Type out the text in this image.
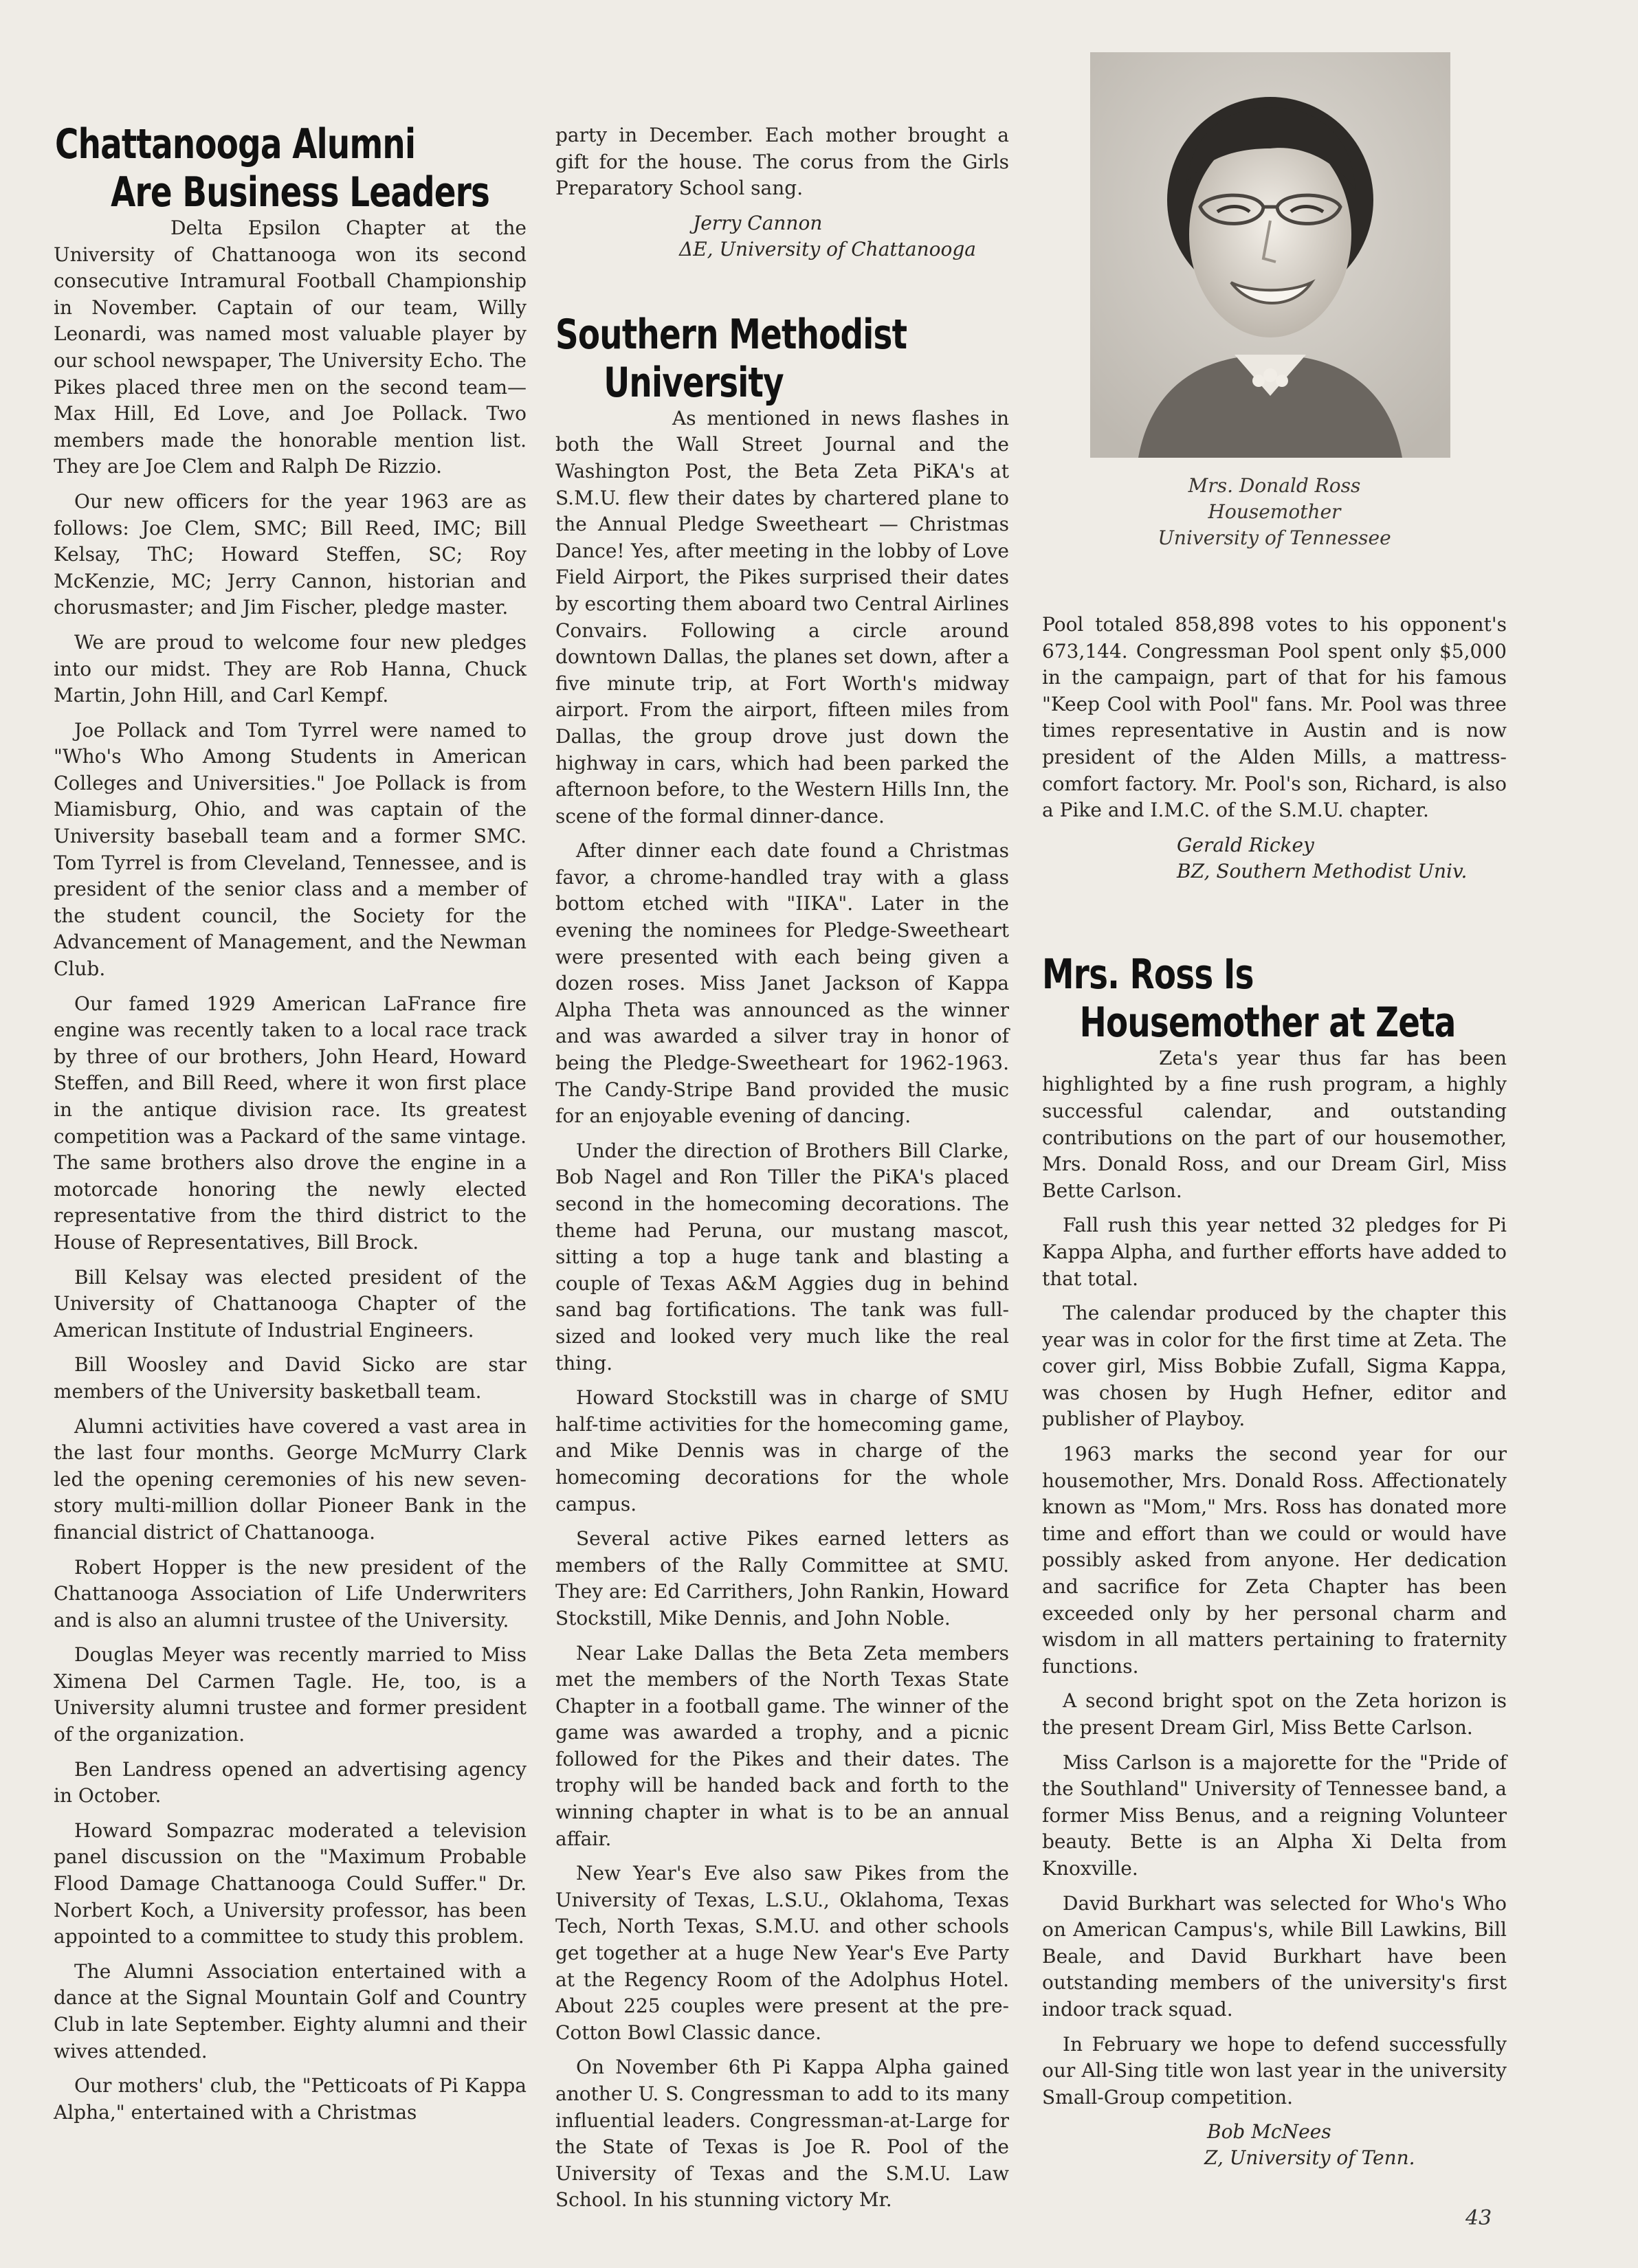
Chattanooga Alumni
Are Business Leaders

Delta Epsilon Chapter at the University of Chattanooga won its second consecutive Intramural Football Championship in November. Captain of our team, Willy Leonardi, was named most valuable player by our school newspaper, The University Echo. The Pikes placed three men on the second team—Max Hill, Ed Love, and Joe Pollack. Two members made the honorable mention list. They are Joe Clem and Ralph De Rizzio.

Our new officers for the year 1963 are as follows: Joe Clem, SMC; Bill Reed, IMC; Bill Kelsay, ThC; Howard Steffen, SC; Roy McKenzie, MC; Jerry Cannon, historian and chorusmaster; and Jim Fischer, pledge master.

We are proud to welcome four new pledges into our midst. They are Rob Hanna, Chuck Martin, John Hill, and Carl Kempf.

Joe Pollack and Tom Tyrrel were named to "Who's Who Among Students in American Colleges and Universities." Joe Pollack is from Miamisburg, Ohio, and was captain of the University baseball team and a former SMC. Tom Tyrrel is from Cleveland, Tennessee, and is president of the senior class and a member of the student council, the Society for the Advancement of Management, and the Newman Club.

Our famed 1929 American LaFrance fire engine was recently taken to a local race track by three of our brothers, John Heard, Howard Steffen, and Bill Reed, where it won first place in the antique division race. Its greatest competition was a Packard of the same vintage. The same brothers also drove the engine in a motorcade honoring the newly elected representative from the third district to the House of Representatives, Bill Brock.

Bill Kelsay was elected president of the University of Chattanooga Chapter of the American Institute of Industrial Engineers.

Bill Woosley and David Sicko are star members of the University basketball team.

Alumni activities have covered a vast area in the last four months. George McMurry Clark led the opening ceremonies of his new seven-story multi-million dollar Pioneer Bank in the financial district of Chattanooga.

Robert Hopper is the new president of the Chattanooga Association of Life Underwriters and is also an alumni trustee of the University.

Douglas Meyer was recently married to Miss Ximena Del Carmen Tagle. He, too, is a University alumni trustee and former president of the organization.

Ben Landress opened an advertising agency in October.

Howard Sompazrac moderated a television panel discussion on the "Maximum Probable Flood Damage Chattanooga Could Suffer." Dr. Norbert Koch, a University professor, has been appointed to a committee to study this problem.

The Alumni Association entertained with a dance at the Signal Mountain Golf and Country Club in late September. Eighty alumni and their wives attended.

Our mothers' club, the "Petticoats of Pi Kappa Alpha," entertained with a Christmas

party in December. Each mother brought a gift for the house. The corus from the Girls Preparatory School sang.

Jerry Cannon
ΔE, University of Chattanooga
Southern Methodist
University

As mentioned in news flashes in both the Wall Street Journal and the Washington Post, the Beta Zeta PiKA's at S.M.U. flew their dates by chartered plane to the Annual Pledge Sweetheart — Christmas Dance! Yes, after meeting in the lobby of Love Field Airport, the Pikes surprised their dates by escorting them aboard two Central Airlines Convairs. Following a circle around downtown Dallas, the planes set down, after a five minute trip, at Fort Worth's midway airport. From the airport, fifteen miles from Dallas, the group drove just down the highway in cars, which had been parked the afternoon before, to the Western Hills Inn, the scene of the formal dinner-dance.

After dinner each date found a Christmas favor, a chrome-handled tray with a glass bottom etched with "IIKA". Later in the evening the nominees for Pledge-Sweetheart were presented with each being given a dozen roses. Miss Janet Jackson of Kappa Alpha Theta was announced as the winner and was awarded a silver tray in honor of being the Pledge-Sweetheart for 1962-1963. The Candy-Stripe Band provided the music for an enjoyable evening of dancing.

Under the direction of Brothers Bill Clarke, Bob Nagel and Ron Tiller the PiKA's placed second in the homecoming decorations. The theme had Peruna, our mustang mascot, sitting a top a huge tank and blasting a couple of Texas A&M Aggies dug in behind sand bag fortifications. The tank was full-sized and looked very much like the real thing.

Howard Stockstill was in charge of SMU half-time activities for the homecoming game, and Mike Dennis was in charge of the homecoming decorations for the whole campus.

Several active Pikes earned letters as members of the Rally Committee at SMU. They are: Ed Carrithers, John Rankin, Howard Stockstill, Mike Dennis, and John Noble.

Near Lake Dallas the Beta Zeta members met the members of the North Texas State Chapter in a football game. The winner of the game was awarded a trophy, and a picnic followed for the Pikes and their dates. The trophy will be handed back and forth to the winning chapter in what is to be an annual affair.

New Year's Eve also saw Pikes from the University of Texas, L.S.U., Oklahoma, Texas Tech, North Texas, S.M.U. and other schools get together at a huge New Year's Eve Party at the Regency Room of the Adolphus Hotel. About 225 couples were present at the pre-Cotton Bowl Classic dance.

On November 6th Pi Kappa Alpha gained another U. S. Congressman to add to its many influential leaders. Congressman-at-Large for the State of Texas is Joe R. Pool of the University of Texas and the S.M.U. Law School. In his stunning victory Mr.

Mrs. Donald Ross
Housemother
University of Tennessee

Pool totaled 858,898 votes to his opponent's 673,144. Congressman Pool spent only $5,000 in the campaign, part of that for his famous "Keep Cool with Pool" fans. Mr. Pool was three times representative in Austin and is now president of the Alden Mills, a mattress-comfort factory. Mr. Pool's son, Richard, is also a Pike and I.M.C. of the S.M.U. chapter.

Gerald Rickey
BZ, Southern Methodist Univ.
Mrs. Ross Is
Housemother at Zeta

Zeta's year thus far has been highlighted by a fine rush program, a highly successful calendar, and outstanding contributions on the part of our housemother, Mrs. Donald Ross, and our Dream Girl, Miss Bette Carlson.

Fall rush this year netted 32 pledges for Pi Kappa Alpha, and further efforts have added to that total.

The calendar produced by the chapter this year was in color for the first time at Zeta. The cover girl, Miss Bobbie Zufall, Sigma Kappa, was chosen by Hugh Hefner, editor and publisher of Playboy.

1963 marks the second year for our housemother, Mrs. Donald Ross. Affectionately known as "Mom," Mrs. Ross has donated more time and effort than we could or would have possibly asked from anyone. Her dedication and sacrifice for Zeta Chapter has been exceeded only by her personal charm and wisdom in all matters pertaining to fraternity functions.

A second bright spot on the Zeta horizon is the present Dream Girl, Miss Bette Carlson.

Miss Carlson is a majorette for the "Pride of the Southland" University of Tennessee band, a former Miss Benus, and a reigning Volunteer beauty. Bette is an Alpha Xi Delta from Knoxville.

David Burkhart was selected for Who's Who on American Campus's, while Bill Lawkins, Bill Beale, and David Burkhart have been outstanding members of the university's first indoor track squad.

In February we hope to defend successfully our All-Sing title won last year in the university Small-Group competition.

Bob McNees
Z, University of Tenn.
43
